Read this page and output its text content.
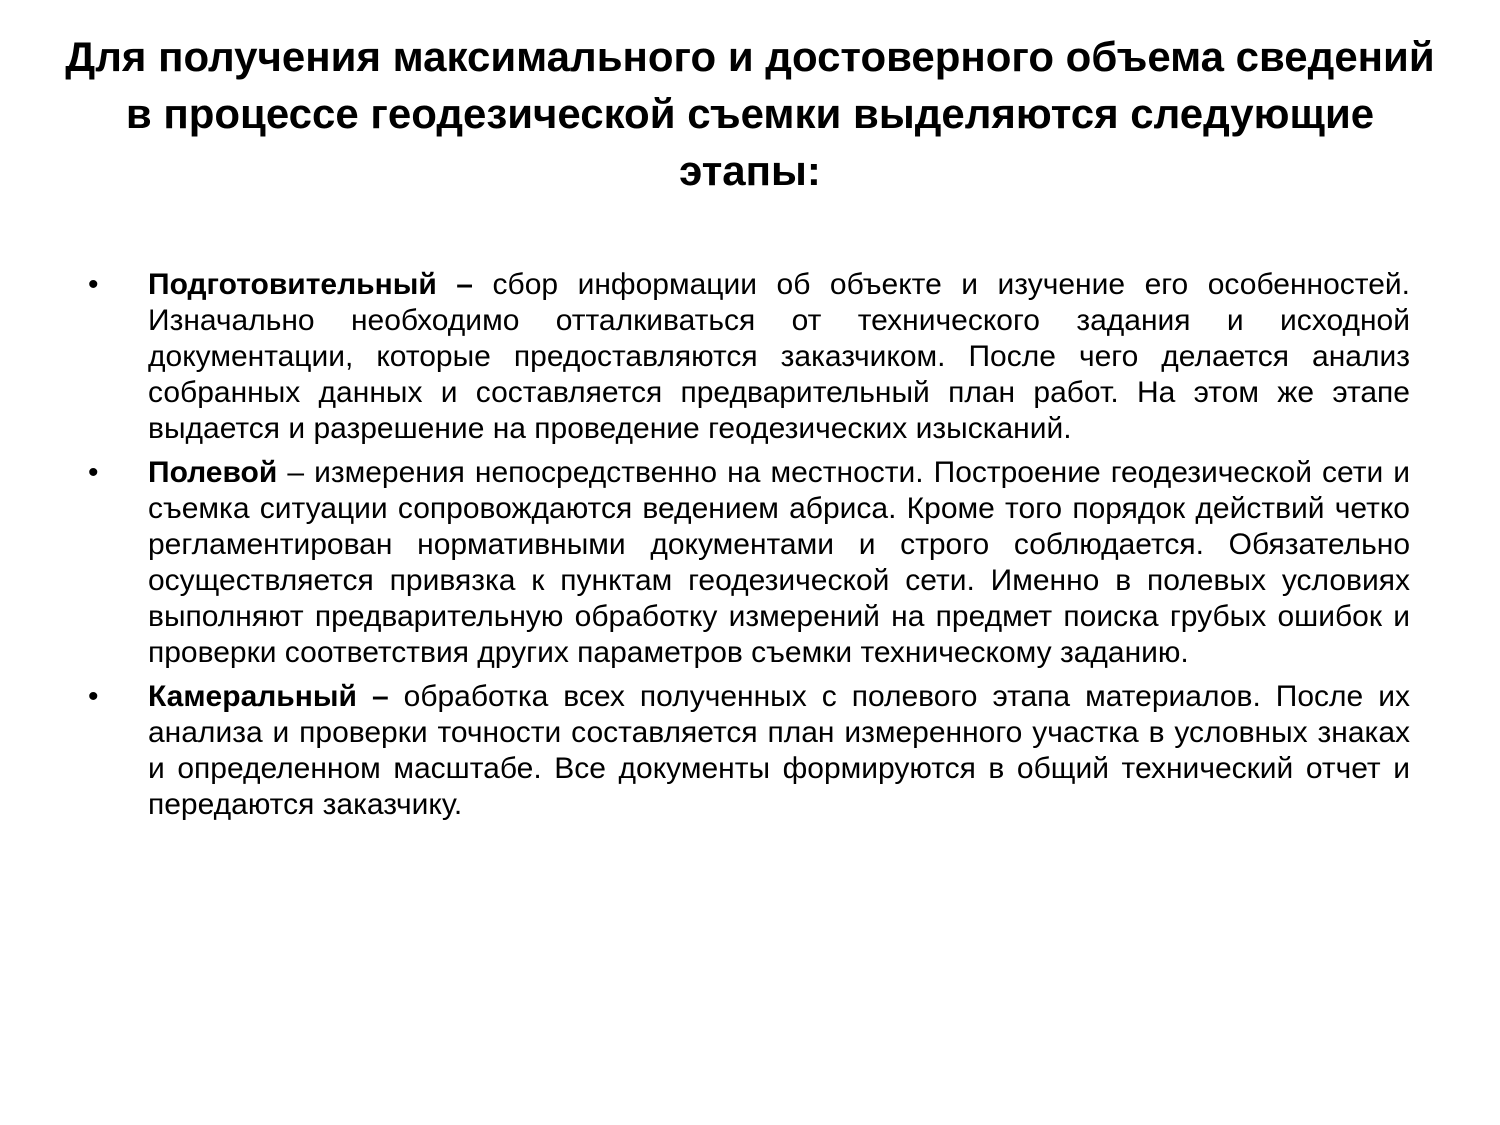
Для получения максимального и достоверного объема сведений в процессе геодезической съемки выделяются следующие этапы:
• Подготовительный – сбор информации об объекте и изучение его особенностей. Изначально необходимо отталкиваться от технического задания и исходной документации, которые предоставляются заказчиком. После чего делается анализ собранных данных и составляется предварительный план работ. На этом же этапе выдается и разрешение на проведение геодезических изысканий.
• Полевой – измерения непосредственно на местности. Построение геодезической сети и съемка ситуации сопровождаются ведением абриса. Кроме того порядок действий четко регламентирован нормативными документами и строго соблюдается. Обязательно осуществляется привязка к пунктам геодезической сети. Именно в полевых условиях выполняют предварительную обработку измерений на предмет поиска грубых ошибок и проверки соответствия других параметров съемки техническому заданию.
• Камеральный – обработка всех полученных с полевого этапа материалов. После их анализа и проверки точности составляется план измеренного участка в условных знаках и определенном масштабе. Все документы формируются в общий технический отчет и передаются заказчику.
